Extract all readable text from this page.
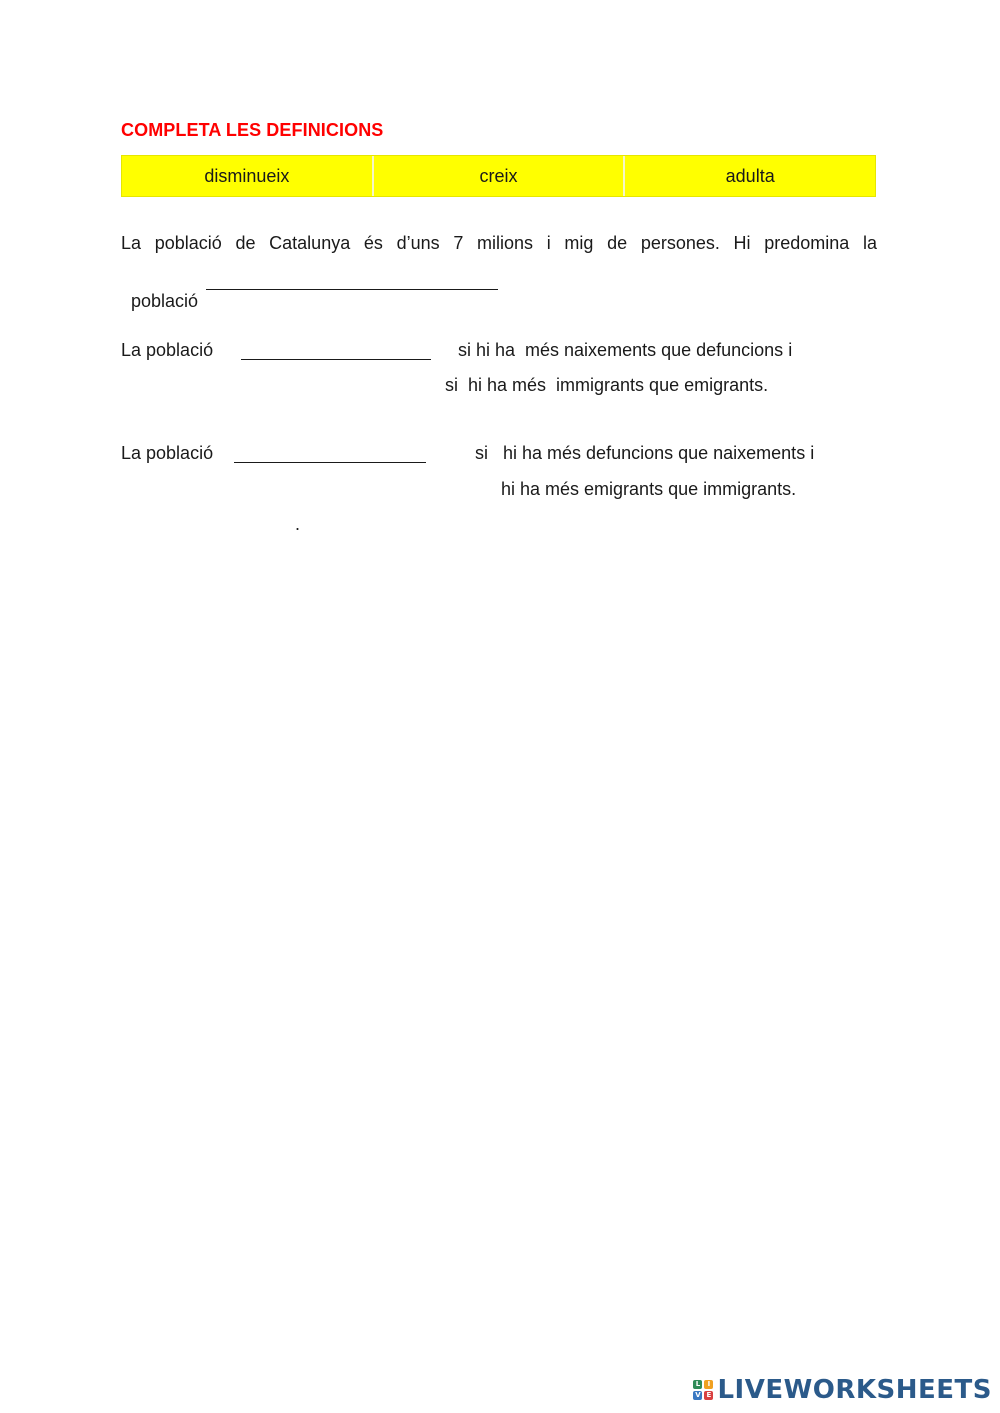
COMPLETA LES DEFINICIONS
disminueix	creix	adulta
La població de Catalunya és d’uns 7 milions i mig de persones. Hi predomina la

població

La població	si hi ha  més naixements que defuncions i
si  hi ha més  immigrants que emigrants.
La població	si   hi ha més defuncions que naixements i
hi ha més emigrants que immigrants.
.
L	I
V E LIVEWORKSHEETS
